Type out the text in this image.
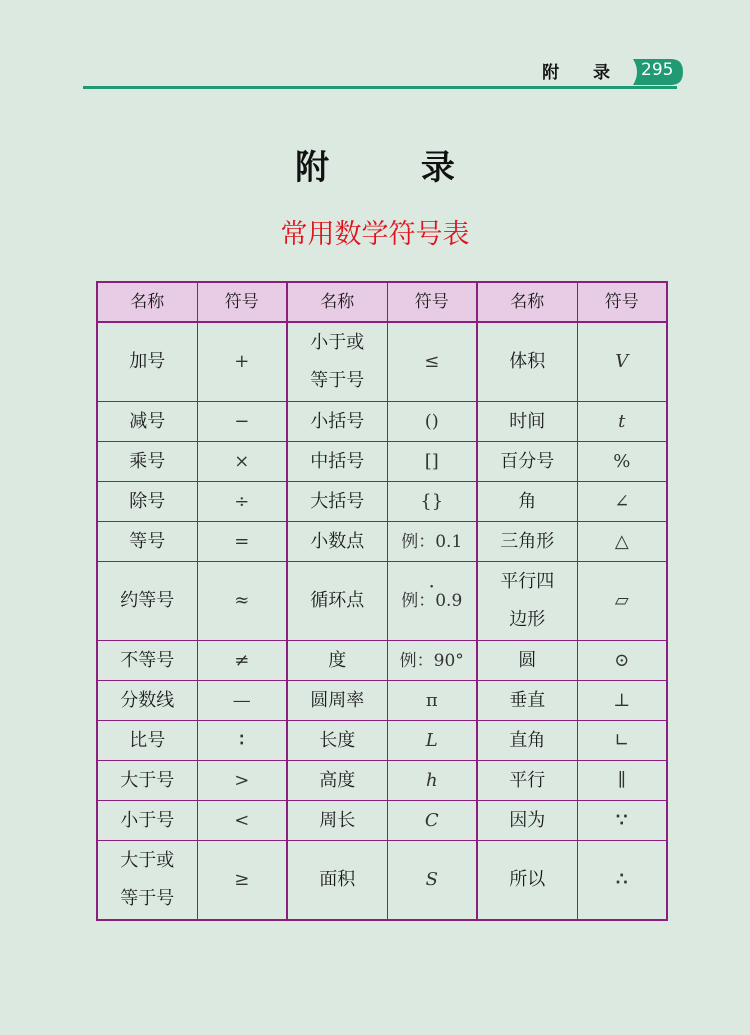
附 录 295
附 录
常用数学符号表
名称	符号	名称	符号	名称	符号
加号	+	小于或等于号	≤	体积	V
减号	−	小括号	()	时间	t
乘号	×	中括号	[]	百分号	%
除号	÷	大括号	{}	角	∠
等号	=	小数点	例：0.1	三角形	△
约等号	≈	循环点	· 例：0.9	平行四边形	▱
不等号	≠	度	例：90°	圆	⊙
分数线	—	圆周率	π	垂直	⊥
比号	∶	长度	L	直角	∟
大于号	>	高度	h	平行	∥
小于号	<	周长	C	因为	∵

大于或等于号	≥	面积	S	所以	∴
